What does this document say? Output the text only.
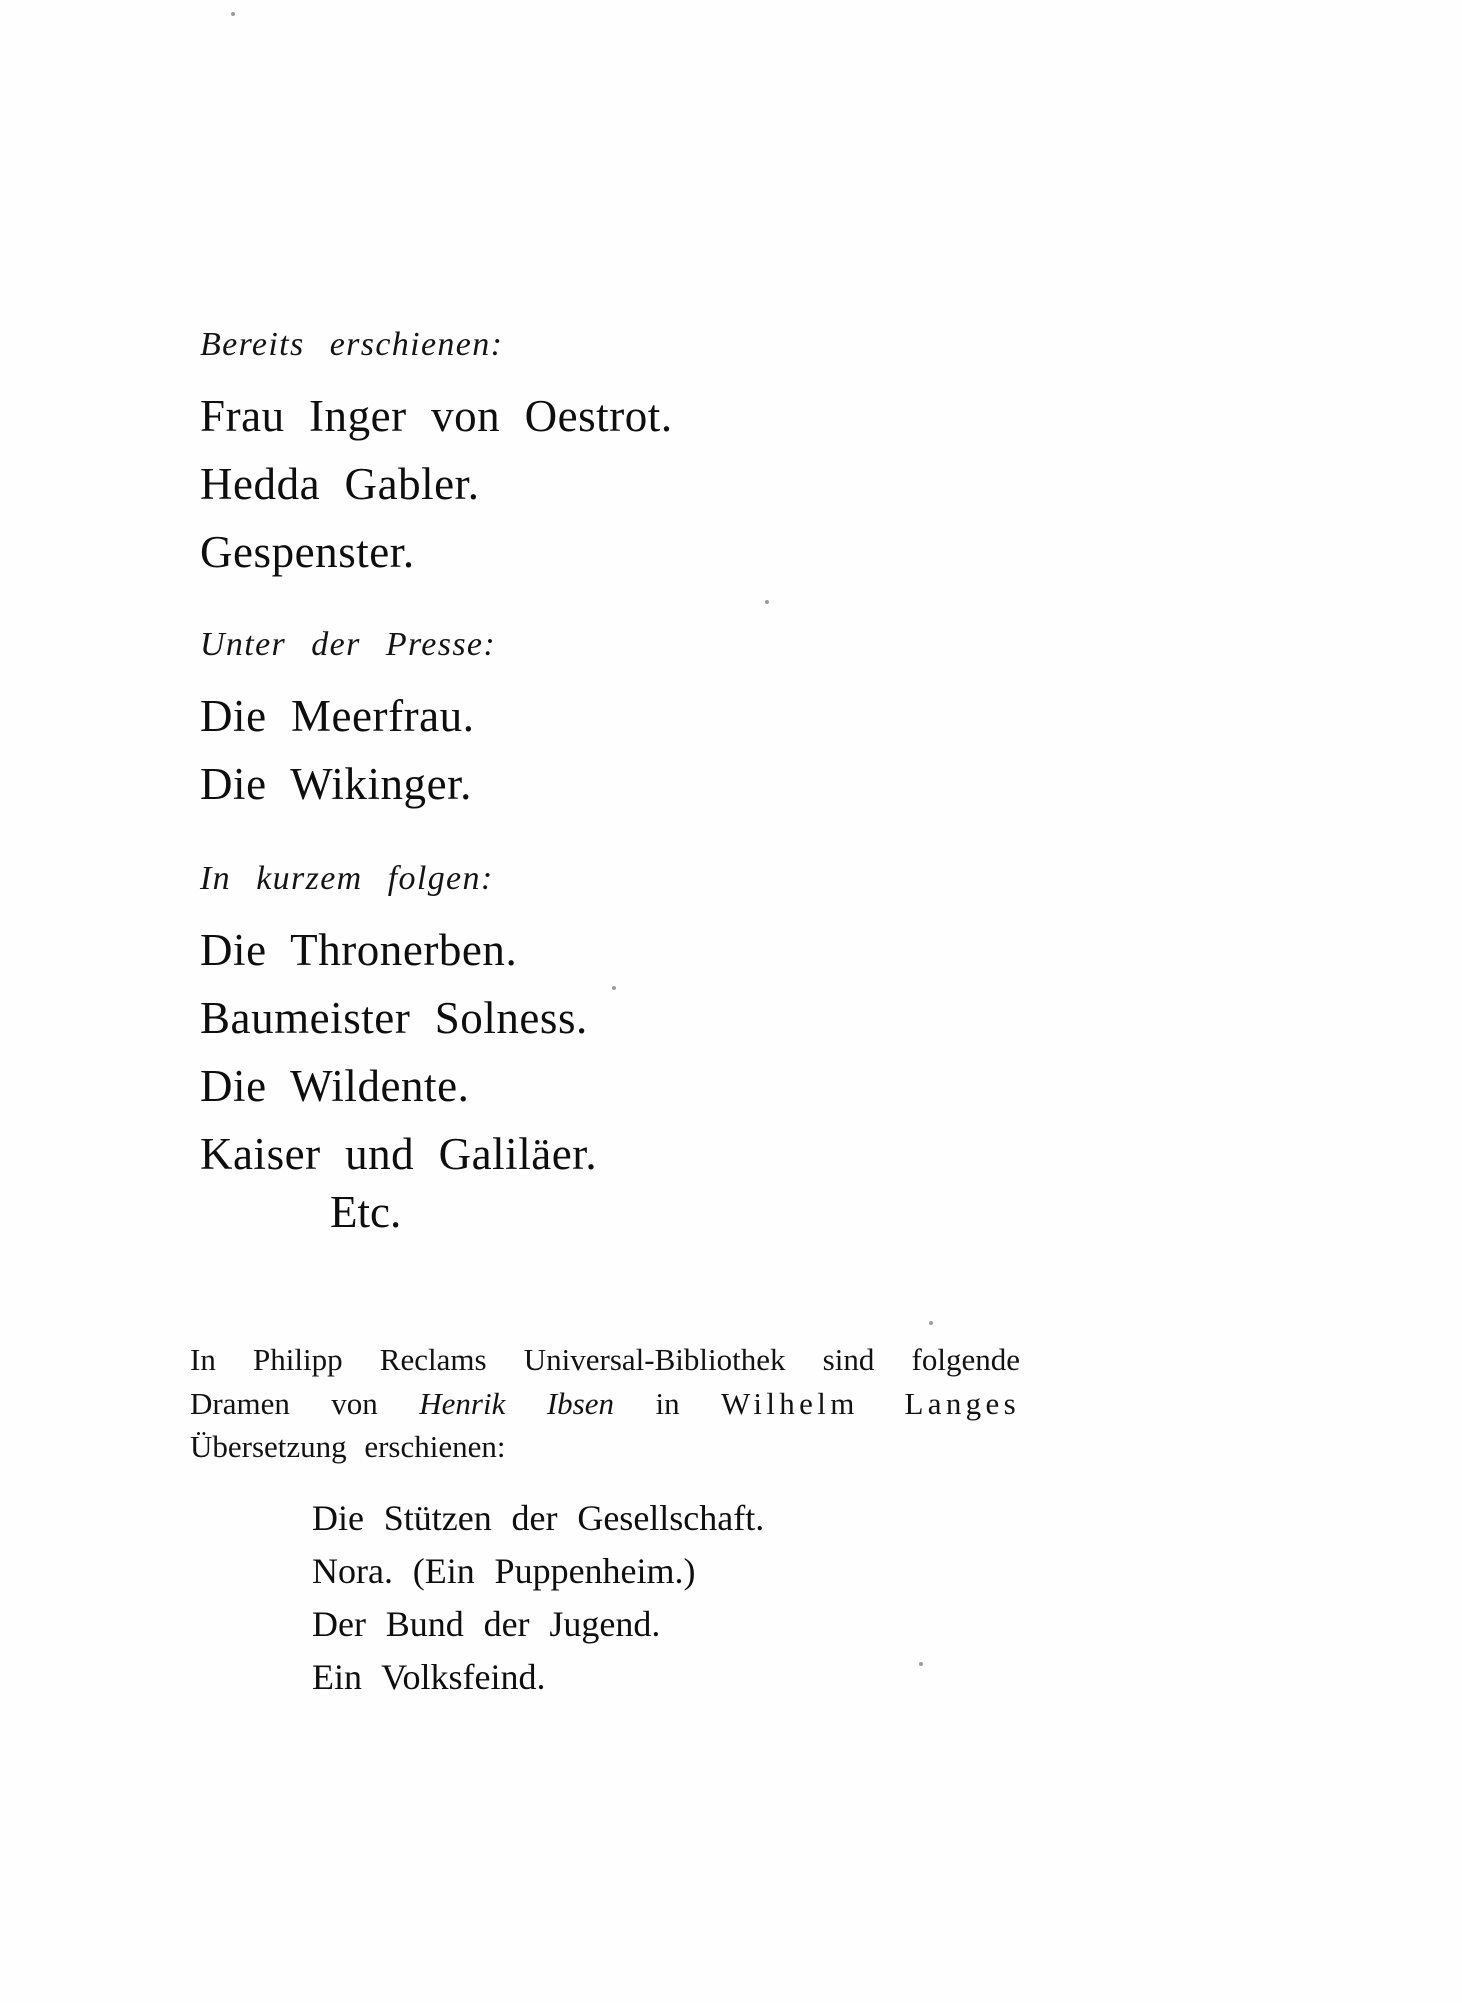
Bereits erschienen:
Frau Inger von Oestrot.
Hedda Gabler.
Gespenster.
Unter der Presse:
Die Meerfrau.
Die Wikinger.
In kurzem folgen:
Die Thronerben.
Baumeister Solness.
Die Wildente.
Kaiser und Galiläer.
Etc.

In Philipp Reclams Universal-Bibliothek sind folgende Dramen von Henrik Ibsen in Wilhelm Langes Übersetzung erschienen:

Die Stützen der Gesellschaft.
Nora. (Ein Puppenheim.)
Der Bund der Jugend.
Ein Volksfeind.
